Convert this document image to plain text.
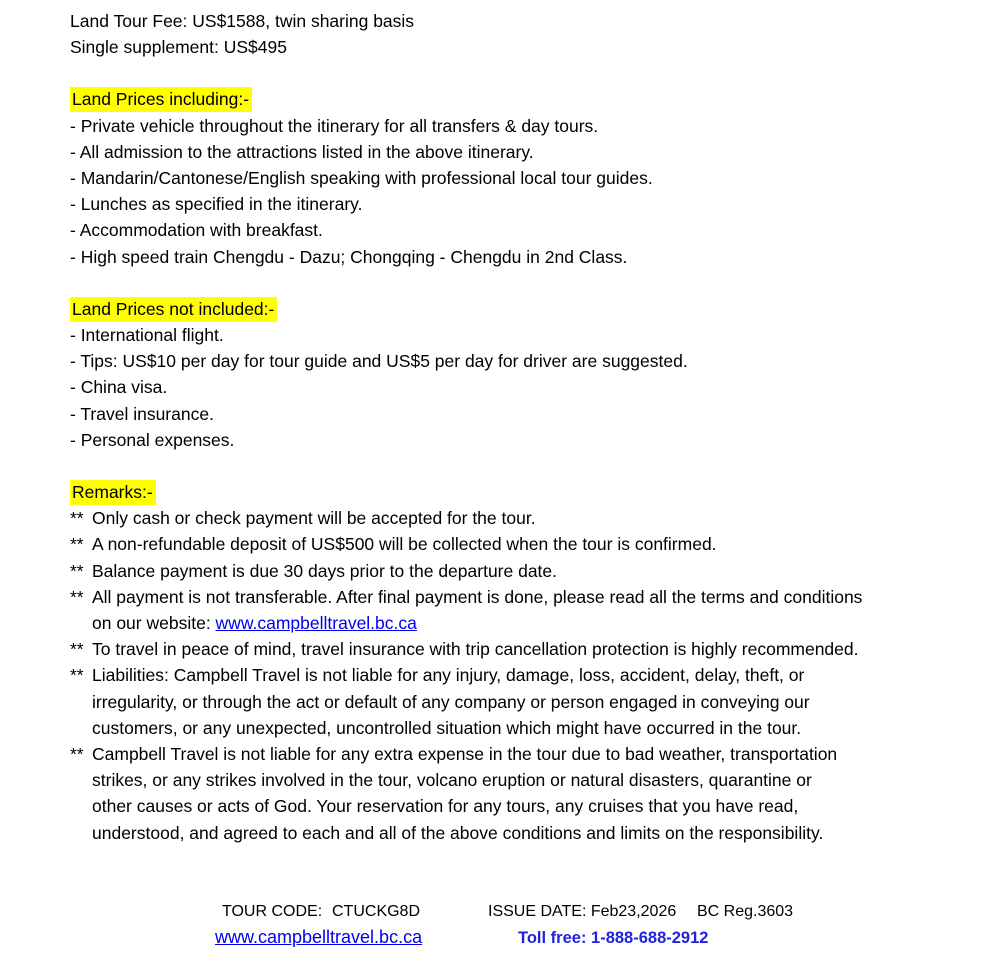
Land Tour Fee: US$1588, twin sharing basis
Single supplement: US$495
Land Prices including:-
- Private vehicle throughout the itinerary for all transfers & day tours.
- All admission to the attractions listed in the above itinerary.
- Mandarin/Cantonese/English speaking with professional local tour guides.
- Lunches as specified in the itinerary.
- Accommodation with breakfast.
- High speed train Chengdu - Dazu; Chongqing - Chengdu in 2nd Class.
Land Prices not included:-
- International flight.
- Tips: US$10 per day for tour guide and US$5 per day for driver are suggested.
- China visa.
- Travel insurance.
- Personal expenses.
Remarks:-
** Only cash or check payment will be accepted for the tour.
** A non-refundable deposit of US$500 will be collected when the tour is confirmed.
** Balance payment is due 30 days prior to the departure date.
** All payment is not transferable. After final payment is done, please read all the terms and conditions
on our website: www.campbelltravel.bc.ca
** To travel in peace of mind, travel insurance with trip cancellation protection is highly recommended.
** Liabilities: Campbell Travel is not liable for any injury, damage, loss, accident, delay, theft, or
irregularity, or through the act or default of any company or person engaged in conveying our
customers, or any unexpected, uncontrolled situation which might have occurred in the tour.
** Campbell Travel is not liable for any extra expense in the tour due to bad weather, transportation
strikes, or any strikes involved in the tour, volcano eruption or natural disasters, quarantine or
other causes or acts of God. Your reservation for any tours, any cruises that you have read,
understood, and agreed to each and all of the above conditions and limits on the responsibility.
TOUR CODE: CTUCKG8D	ISSUE DATE: Feb23,2026 BC Reg.3603
www.campbelltravel.bc.ca	Toll free: 1-888-688-2912
